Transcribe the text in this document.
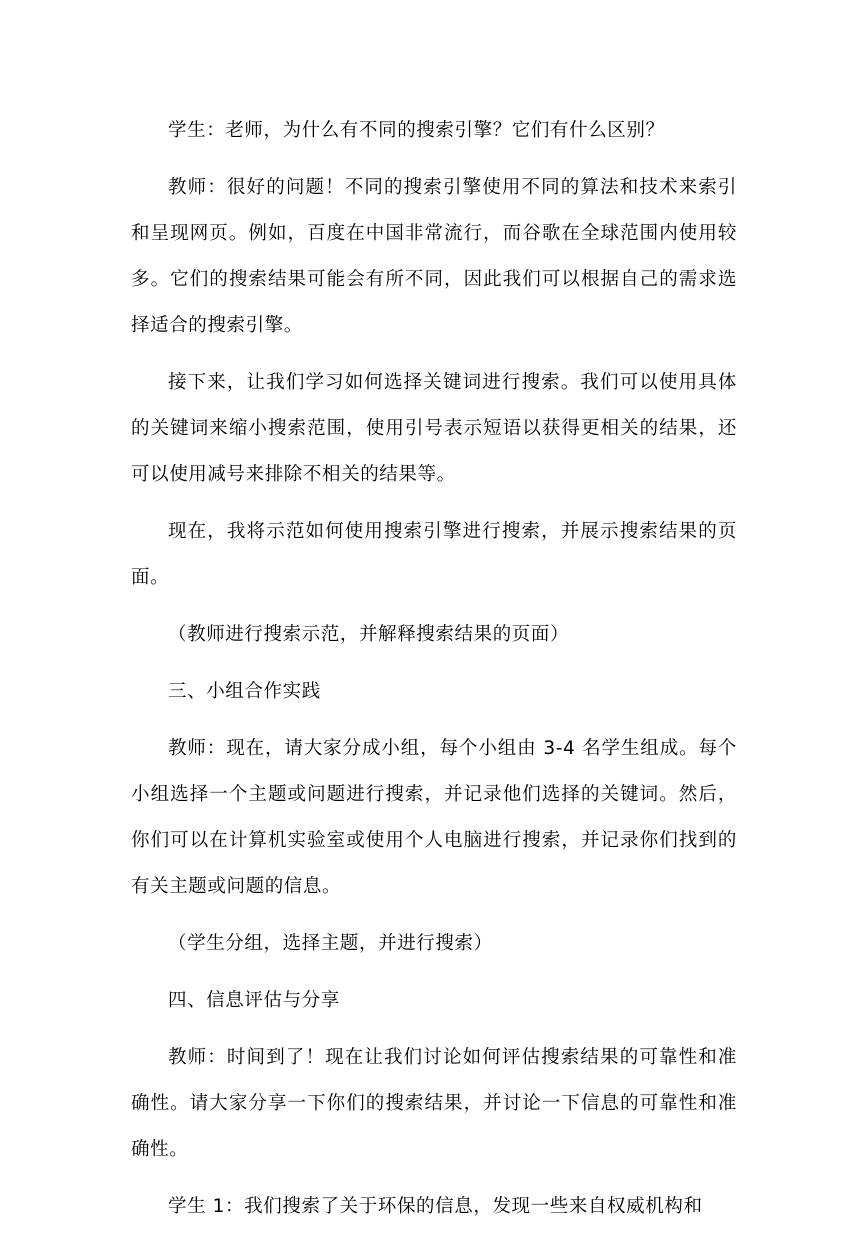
学生：老师，为什么有不同的搜索引擎？它们有什么区别？

教师：很好的问题！不同的搜索引擎使用不同的算法和技术来索引和呈现网页。例如，百度在中国非常流行，而谷歌在全球范围内使用较多。它们的搜索结果可能会有所不同，因此我们可以根据自己的需求选择适合的搜索引擎。

接下来，让我们学习如何选择关键词进行搜索。我们可以使用具体的关键词来缩小搜索范围，使用引号表示短语以获得更相关的结果，还可以使用减号来排除不相关的结果等。

现在，我将示范如何使用搜索引擎进行搜索，并展示搜索结果的页面。

（教师进行搜索示范，并解释搜索结果的页面）

三、小组合作实践

教师：现在，请大家分成小组，每个小组由 3-4 名学生组成。每个小组选择一个主题或问题进行搜索，并记录他们选择的关键词。然后，你们可以在计算机实验室或使用个人电脑进行搜索，并记录你们找到的有关主题或问题的信息。

（学生分组，选择主题，并进行搜索）

四、信息评估与分享

教师：时间到了！现在让我们讨论如何评估搜索结果的可靠性和准确性。请大家分享一下你们的搜索结果，并讨论一下信息的可靠性和准确性。

学生 1：我们搜索了关于环保的信息，发现一些来自权威机构和
